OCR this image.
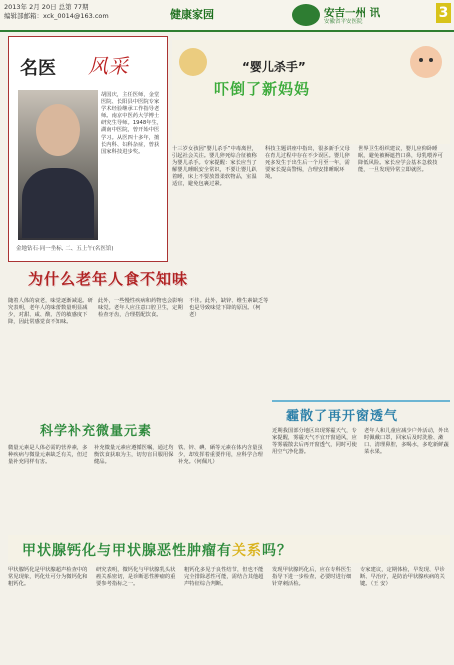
2013年 2月 20日 总第 77期
编辑部邮箱：xck_0014@163.com	健康家园	安吉一州 讯
安徽省平安医院
3
名医 风采
胡国庆，主任医师，金堂医院、长阳县中医院专家学术经验继承工作指导老师。南京中医药大学博士研究生导师。1948年生，湖南中医院，曾开始中医学习。从医四十多年，擅长内科、妇科杂症，曾获国家科技进步奖。
金地钻石·同一坐标, 二、五上午(名医馆)
“婴儿杀手”
吓倒了新妈妈
十三岁女孩因“婴儿杀手”中毒离世，引起社会关注。婴儿猝死综合征被称为婴儿杀手。专家提醒：家长应当了解婴儿睡眠安全常识，不要让婴儿趴着睡，床上不要放置柔软物品，室温适宜，避免包裹过紧。
科技主题讲座中指出，很多新手父母在育儿过程中存在不少误区。婴儿猝死多发生于出生后一个月至一年，需要家长提高警惕，合理安排睡眠环境。
世界卫生组织建议，婴儿应仰卧睡眠，避免被褥遮挡口鼻，母乳喂养可降低风险。家长应学会基本急救技能，一旦发现异常立即就医。
为什么老年人食不知味
随着人体的衰老，味觉逐渐减退。研究表明，老年人的味蕾数量明显减少，对甜、咸、酸、苦的敏感度下降，因此常感觉食不知味。
此外，一些慢性疾病和药物也会影响味觉。老年人应注意口腔卫生，定期检查牙齿，合理搭配饮食。
不佳。此外，缺锌、维生素缺乏等也是导致味觉下降的原因。（柯 老）
霾散了再开窗透气
近期我国部分地区出现雾霾天气，专家提醒，雾霾天气不宜开窗通风，应等雾霾散去后再开窗透气，同时可使用空气净化器。
老年人和儿童应减少户外活动，外出时佩戴口罩，回家后及时洗脸、漱口、清理鼻腔，多喝水，多吃新鲜蔬菜水果。
科学补充微量元素
微量元素是人体必需的营养素，多种疾病与微量元素缺乏有关，但过量补充同样有害。
补充微量元素应遵循医嘱，通过均衡饮食获取为主，切勿盲目服用保健品。
铁、锌、碘、硒等元素在体内含量虽少，却发挥着重要作用，应科学合理补充。（何佩凡）
甲状腺钙化与甲状腺恶性肿瘤有关系吗？
甲状腺钙化是甲状腺超声检查中的常见现象，钙化灶可分为微钙化和粗钙化。
研究表明，微钙化与甲状腺乳头状癌关系密切，是诊断恶性肿瘤的重要参考指标之一。
粗钙化多见于良性结节，但也不能完全排除恶性可能，需结合其他超声特征综合判断。
发现甲状腺钙化后，应在专科医生指导下进一步检查，必要时进行细针穿刺活检。
专家建议，定期体检，早发现、早诊断、早治疗，是防治甲状腺疾病的关键。（王 安）
